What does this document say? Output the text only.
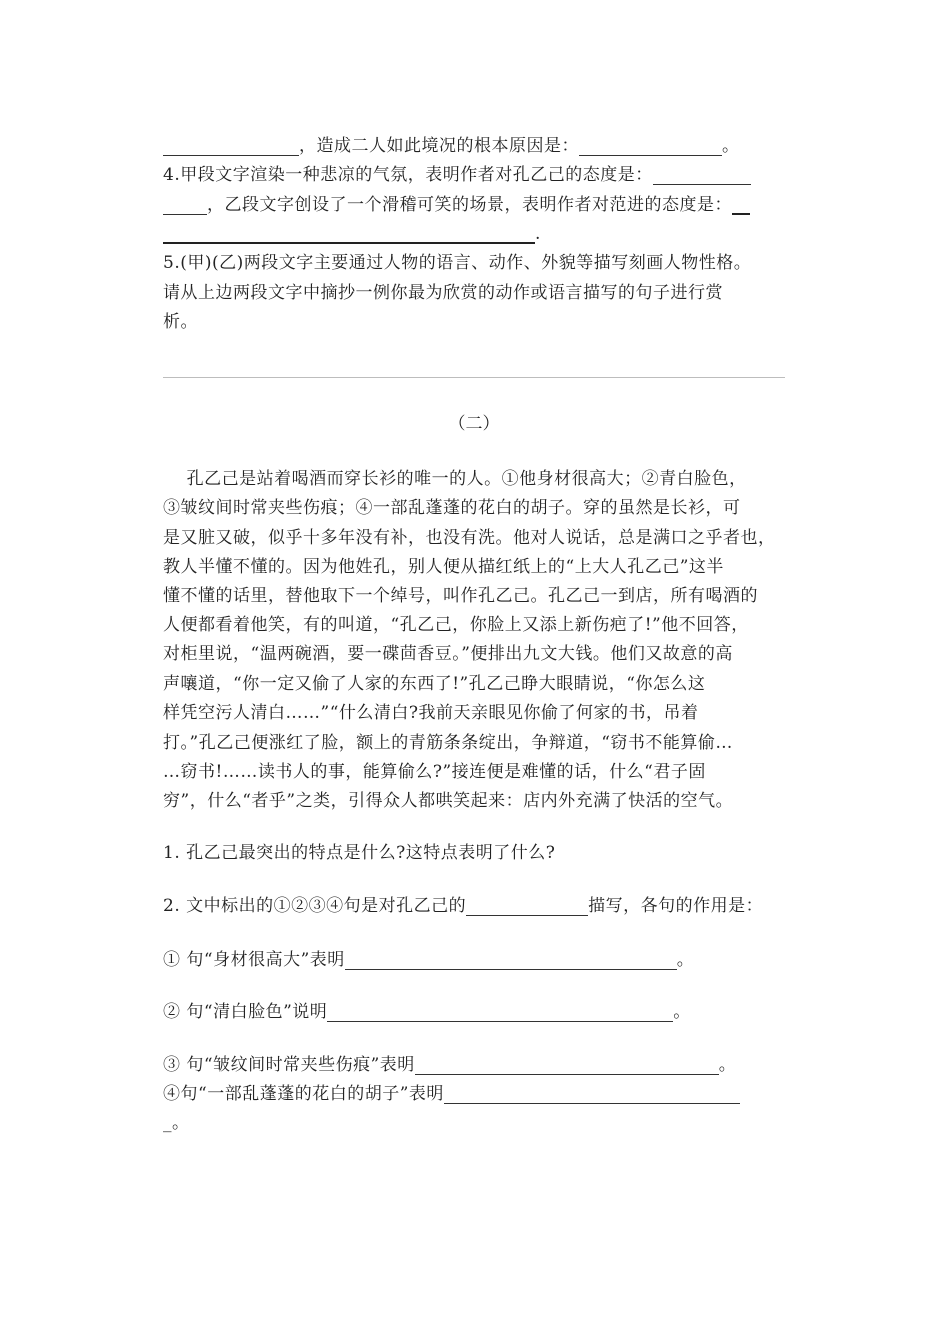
，造成二人如此境况的根本原因是：	。
4.甲段文字渲染一种悲凉的气氛，表明作者对孔乙己的态度是：
，乙段文字创设了一个滑稽可笑的场景，表明作者对范进的态度是：
.
5.(甲)(乙)两段文字主要通过人物的语言、动作、外貌等描写刻画人物性格。
请从上边两段文字中摘抄一例你最为欣赏的动作或语言描写的句子进行赏
析。
（二）
孔乙己是站着喝酒而穿长衫的唯一的人。①他身材很高大；②青白脸色，
③皱纹间时常夹些伤痕；④一部乱蓬蓬的花白的胡子。穿的虽然是长衫，可
是又脏又破，似乎十多年没有补，也没有洗。他对人说话，总是满口之乎者也，
教人半懂不懂的。因为他姓孔，别人便从描红纸上的“上大人孔乙己”这半
懂不懂的话里，替他取下一个绰号，叫作孔乙己。孔乙己一到店，所有喝酒的
人便都看着他笑，有的叫道，“孔乙己，你脸上又添上新伤疤了!”他不回答，
对柜里说，“温两碗酒，要一碟茴香豆。”便排出九文大钱。他们又故意的高
声嚷道，“你一定又偷了人家的东西了!”孔乙己睁大眼睛说，“你怎么这
样凭空污人清白……”“什么清白?我前天亲眼见你偷了何家的书，吊着
打。”孔乙己便涨红了脸，额上的青筋条条绽出，争辩道，“窃书不能算偷…
…窃书!……读书人的事，能算偷么?”接连便是难懂的话，什么“君子固
穷”，什么“者乎”之类，引得众人都哄笑起来：店内外充满了快活的空气。
1. 孔乙己最突出的特点是什么?这特点表明了什么?
2. 文中标出的①②③④句是对孔乙己的	描写，各句的作用是：
① 句“身材很高大”表明	。
② 句“清白脸色”说明	。
③ 句“皱纹间时常夹些伤痕”表明	。
④句“一部乱蓬蓬的花白的胡子”表明
_。
